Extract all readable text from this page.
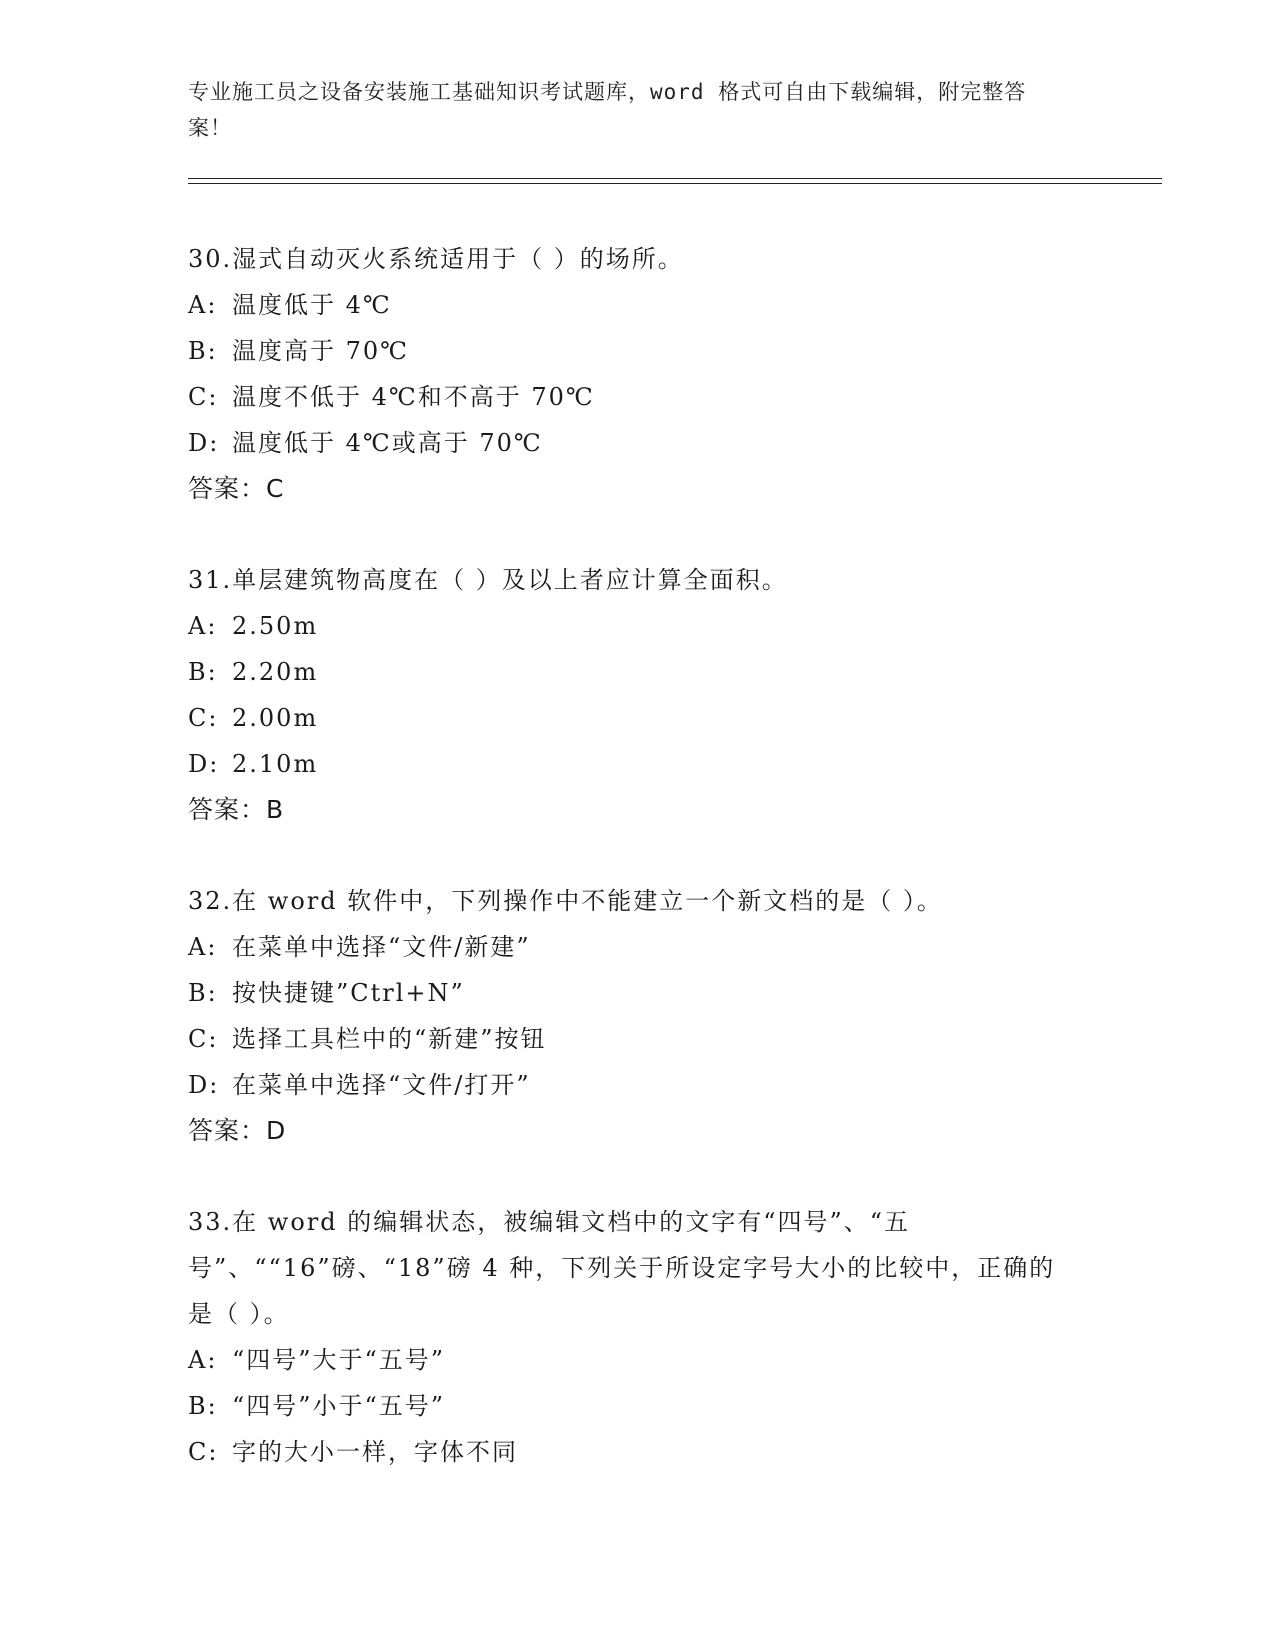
专业施工员之设备安装施工基础知识考试题库，word 格式可自由下载编辑，附完整答案！
30.湿式自动灭火系统适用于（ ）的场所。
A: 温度低于 4℃
B: 温度高于 70℃
C: 温度不低于 4℃和不高于 70℃
D: 温度低于 4℃或高于 70℃
答案：C
31.单层建筑物高度在（ ）及以上者应计算全面积。
A: 2.50m
B: 2.20m
C: 2.00m
D: 2.10m
答案：B
32.在 word 软件中，下列操作中不能建立一个新文档的是（ ）。
A: 在菜单中选择“文件/新建”
B: 按快捷键”Ctrl+N”
C: 选择工具栏中的“新建”按钮
D: 在菜单中选择“文件/打开”
答案：D
33.在 word 的编辑状态，被编辑文档中的文字有“四号”、“五号”、““16”磅、“18”磅 4 种，下列关于所设定字号大小的比较中，正确的是（ ）。
A: “四号”大于“五号”
B: “四号”小于“五号”
C: 字的大小一样，字体不同
